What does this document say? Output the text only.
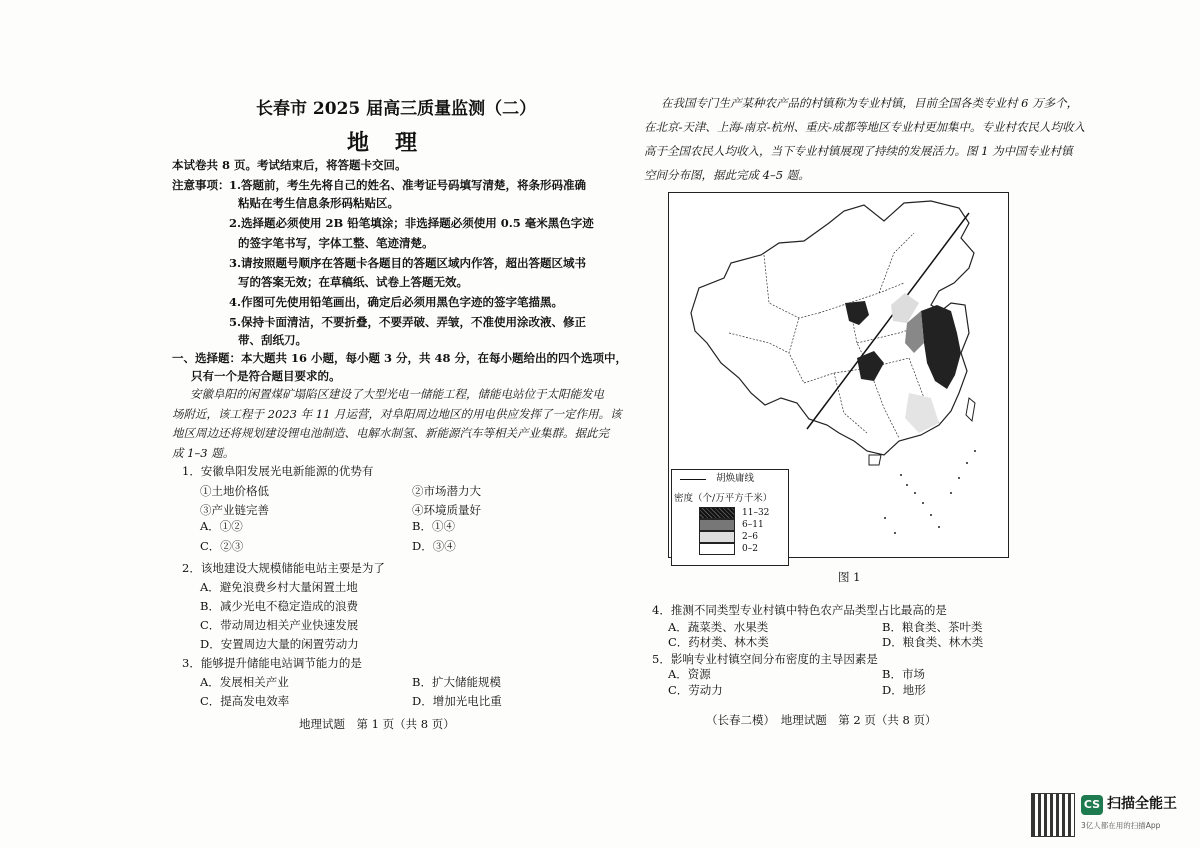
长春市 2025 届高三质量监测（二）
地　理
本试卷共 8 页。考试结束后，将答题卡交回。
注意事项： 1.答题前，考生先将自己的姓名、准考证号码填写清楚，将条形码准确
粘贴在考生信息条形码粘贴区。
2.选择题必须使用 2B 铅笔填涂；非选择题必须使用 0.5 毫米黑色字迹
的签字笔书写，字体工整、笔迹清楚。
3.请按照题号顺序在答题卡各题目的答题区域内作答，超出答题区域书
写的答案无效；在草稿纸、试卷上答题无效。
4.作图可先使用铅笔画出，确定后必须用黑色字迹的签字笔描黑。
5.保持卡面清洁，不要折叠，不要弄破、弄皱，不准使用涂改液、修正
带、刮纸刀。
一、选择题：本大题共 16 小题，每小题 3 分，共 48 分，在每小题给出的四个选项中，
只有一个是符合题目要求的。
安徽阜阳的闲置煤矿塌陷区建设了大型光电一储能工程，储能电站位于太阳能发电
场附近，该工程于 2023 年 11 月运营，对阜阳周边地区的用电供应发挥了一定作用。该
地区周边还将规划建设锂电池制造、电解水制氢、新能源汽车等相关产业集群。据此完
成 1–3 题。
1．安徽阜阳发展光电新能源的优势有
①土地价格低	②市场潜力大
③产业链完善	④环境质量好
A．①②	B．①④
C．②③	D．③④
2．该地建设大规模储能电站主要是为了
A．避免浪费乡村大量闲置土地
B．减少光电不稳定造成的浪费
C．带动周边相关产业快速发展
D．安置周边大量的闲置劳动力
3．能够提升储能电站调节能力的是
A．发展相关产业	B．扩大储能规模
C．提高发电效率	D．增加光电比重
地理试题　第 1 页（共 8 页）
在我国专门生产某种农产品的村镇称为专业村镇，目前全国各类专业村 6 万多个，
在北京-天津、上海-南京-杭州、重庆-成都等地区专业村更加集中。专业村农民人均收入
高于全国农民人均收入，当下专业村镇展现了持续的发展活力。图 1 为中国专业村镇
空间分布图，据此完成 4–5 题。
胡焕庸线
密度（个/万平方千米）
11–32
6–11
2–6
0–2
图 1
4．推测不同类型专业村镇中特色农产品类型占比最高的是
A．蔬菜类、水果类	B．粮食类、茶叶类
C．药材类、林木类	D．粮食类、林木类
5．影响专业村镇空间分布密度的主导因素是
A．资源	B．市场
C．劳动力	D．地形
（长春二模）　地理试题　第 2 页（共 8 页）
CS 扫描全能王
3亿人都在用的扫描App
